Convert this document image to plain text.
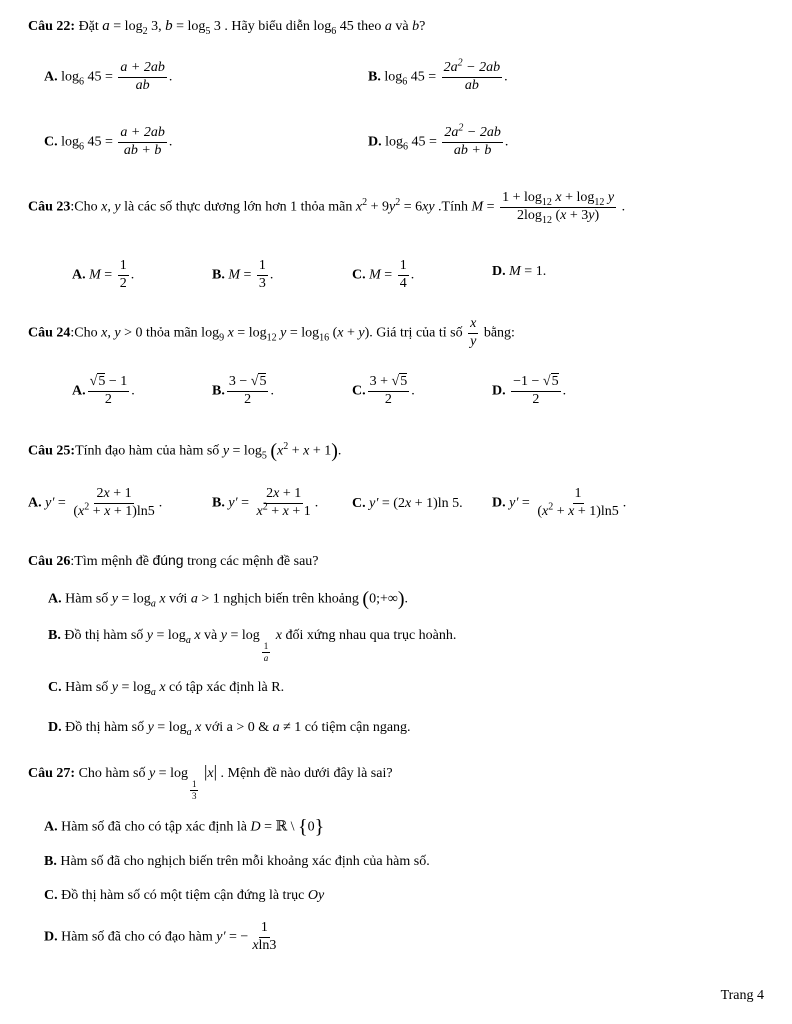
Câu 22: Đặt $a = \log_2 3$, $b = \log_5 3$ . Hãy biểu diễn $\log_6 45$ theo a và b?
A. $\log_6 45 = \frac{a + 2ab}{ab}$ .	B. $\log_6 45 = \frac{2a^2 - 2ab}{ab}$ .
C. $\log_6 45 = \frac{a + 2ab}{ab + b}$ .	D. $\log_6 45 = \frac{2a^2 - 2ab}{ab + b}$ .
Câu 23:Cho x, y là các số thực dương lớn hơn 1 thỏa mãn $x^2 + 9y^2 = 6xy$ .Tính $M = \frac{1 + \log_{12} x + \log_{12} y}{2\log_{12} (x + 3y)}$ .
A. $M = \frac{1}{2}$ .	B. $M = \frac{1}{3}$ .	C. $M = \frac{1}{4}$ .	D. M = 1.
Câu 24:Cho x, y > 0 thỏa mãn $\log_9 x = \log_{12} y = \log_{16} (x + y)$. Giá trị của tỉ số $\frac{x}{y}$ bằng:
A. $\frac{√5 - 1}{2}$ .	B. $\frac{3 - √5}{2}$ .	C. $\frac{3 + √5}{2}$ .	D. $\frac{-1 - √5}{2}$ .
Câu 25:Tính đạo hàm của hàm số $y = \log_5 (x^2 + x + 1)$.
A. $y' = \frac{2x + 1}{(x^2 + x + 1)\ln 5}$ .	B. $y' = \frac{2x + 1}{x^2 + x + 1}$ . C. y′ = (2x + 1)ln 5. D. $y' = \frac{1}{(x^2 + x + 1)\ln 5}$ .
Câu 26:Tìm mệnh đề đúng trong các mệnh đề sau?
A. Hàm số $y = \log_a x$ với a > 1 nghịch biến trên khoảng (0;+∞).
B. Đồ thị hàm số $y = \log_a x$ và y = log
$\frac{1}{a}$
x đối xứng nhau qua trục hoành.
C. Hàm số $y = \log_a x$ có tập xác định là R.
D. Đồ thị hàm số $y = \log_a x$ với a > 0 & a ≠ 1 có tiệm cận ngang.
Câu 27: Cho hàm số y = log
$\frac{1}{3}$
|x| . Mệnh đề nào dưới đây là sai?
A. Hàm số đã cho có tập xác định là D = ℝ \ {0}
B. Hàm số đã cho nghịch biến trên mỗi khoảng xác định của hàm số.
C. Đồ thị hàm số có một tiệm cận đứng là trục Oy
D. Hàm số đã cho có đạo hàm y′ = − $\frac{1}{xln3}$
Trang 4
